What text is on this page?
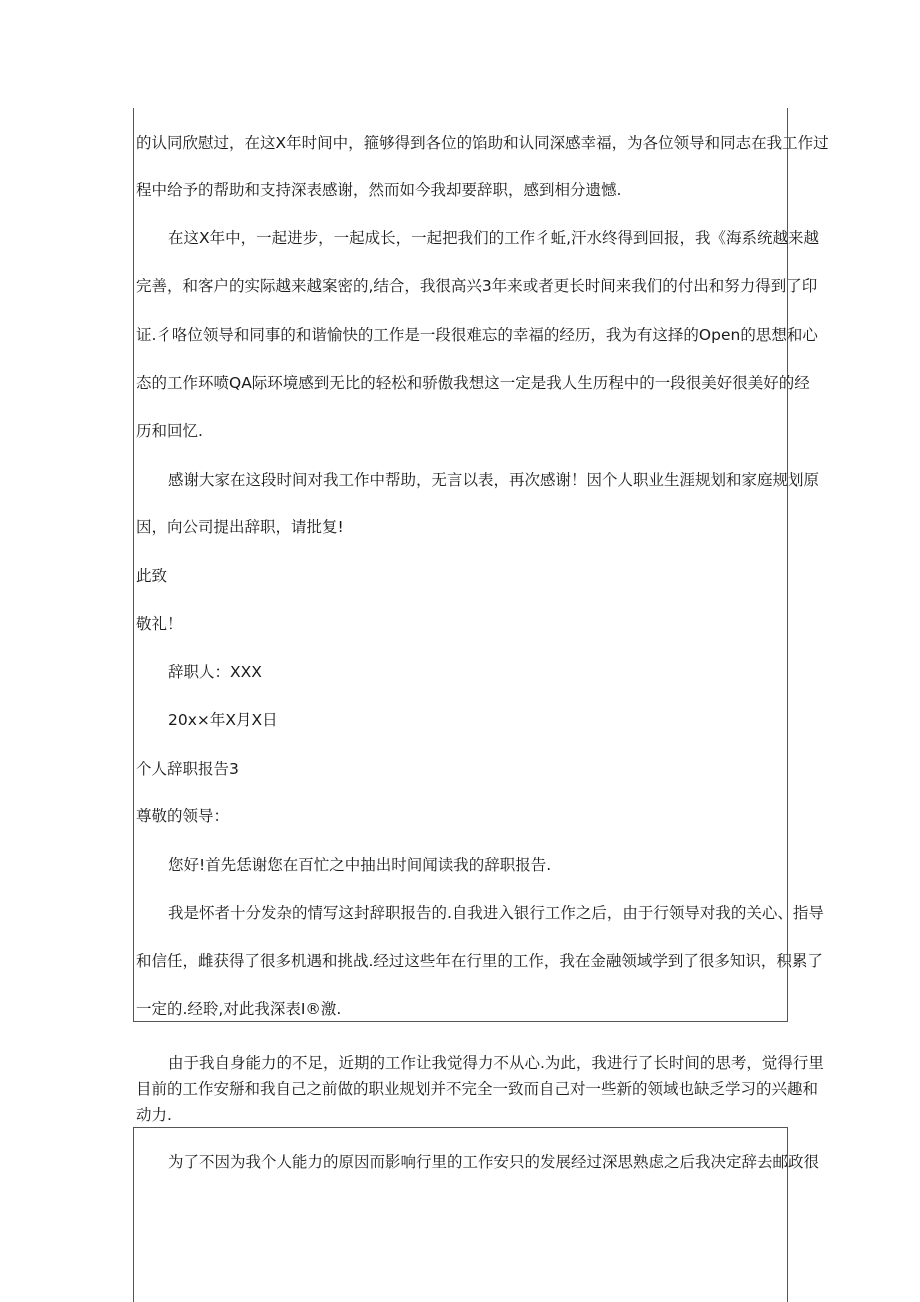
的认同欣慰过，在这X年时间中，箍够得到各位的馅助和认同深感幸福，为各位领导和同志在我工作过
程中给予的帮助和支持深表感谢，然而如今我却要辞职，感到相分遗憾.
在这X年中，一起进步，一起成长，一起把我们的工作彳蚯,汗水终得到回报，我《海系统越来越
完善，和客户的实际越来越案密的,结合，我很高兴3年来或者更长时间来我们的付出和努力得到了印
证.彳咯位领导和同事的和谐愉快的工作是一段很难忘的幸福的经历，我为有这择的Open的思想和心
态的工作环喷QA际环境感到无比的轻松和骄傲我想这一定是我人生历程中的一段很美好很美好的经
历和回忆.
感谢大家在这段时间对我工作中帮助，无言以表，再次感谢！因个人职业生涯规划和家庭规划原
因，向公司提出辞职，请批复!
此致
敬礼！
辞职人：XXX
20x×年X月X日
个人辞职报告3
尊敬的领导：
您好!首先恁谢您在百忙之中抽出时间闻读我的辞职报告.
我是怀者十分发杂的情写这封辞职报告的.自我进入银行工作之后，由于行领导对我的关心、指导
和信任，雌获得了很多机遇和挑战.经过这些年在行里的工作，我在金融领域学到了很多知识，积累了
一定的.经聆,对此我深表I®激.
由于我自身能力的不足，近期的工作让我觉得力不从心.为此，我进行了长时间的思考，觉得行里
目前的工作安掰和我自己之前做的职业规划并不完全一致而自己对一些新的领域也缺乏学习的兴趣和
动力.
为了不因为我个人能力的原因而影响行里的工作安只的发展经过深思熟虑之后我决定辞去邮政很
